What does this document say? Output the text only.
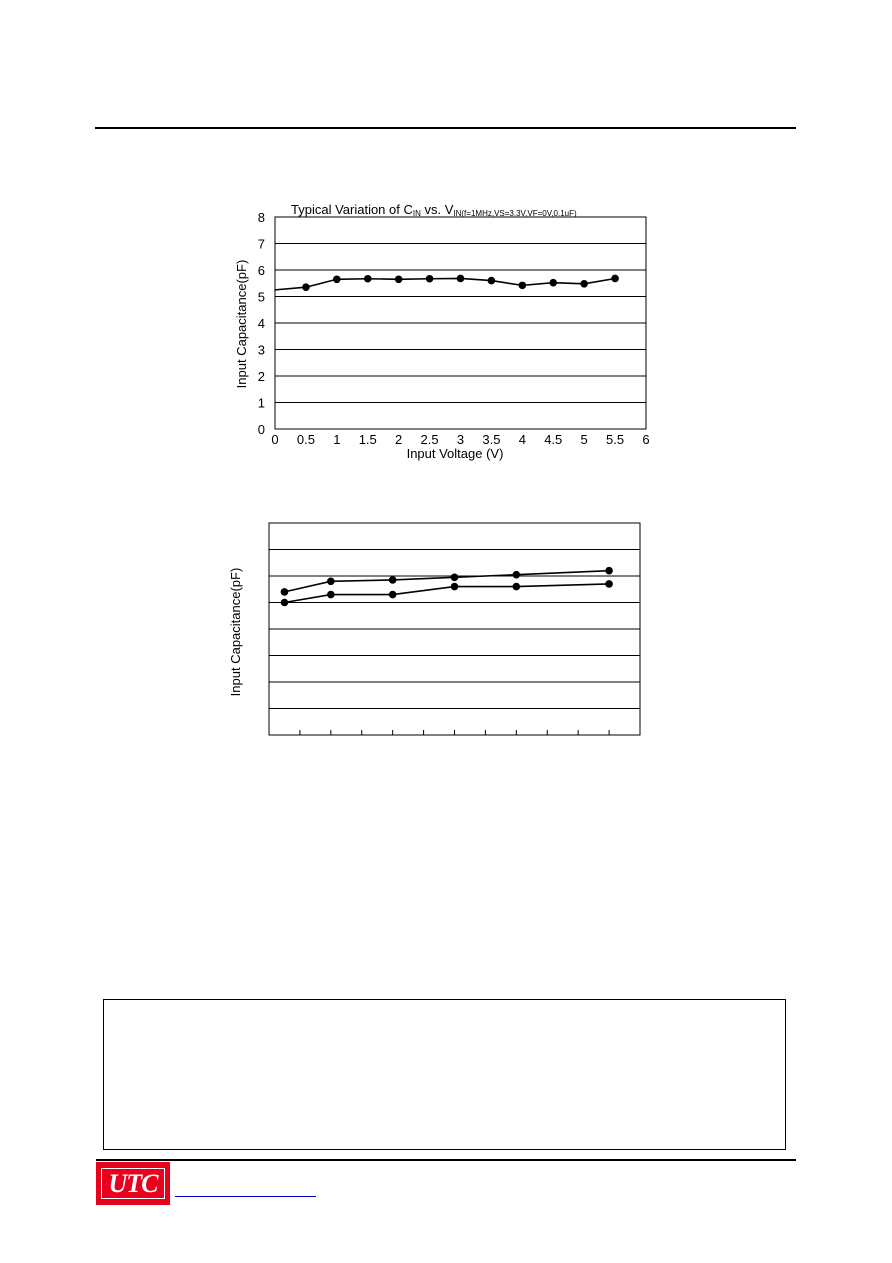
Typical Variation of CIN vs. VIN(f=1MHz,VS=3.3V,VF=0V,0.1uF)
0
1
2
3
4
5
6
7
8
0 0.5 1 1.5 2 2.5 3 3.5 4 4.5 5 5.5 6
Input Voltage (V)
Input Capacitance(pF)
Input Capacitance(pF)
UTC
